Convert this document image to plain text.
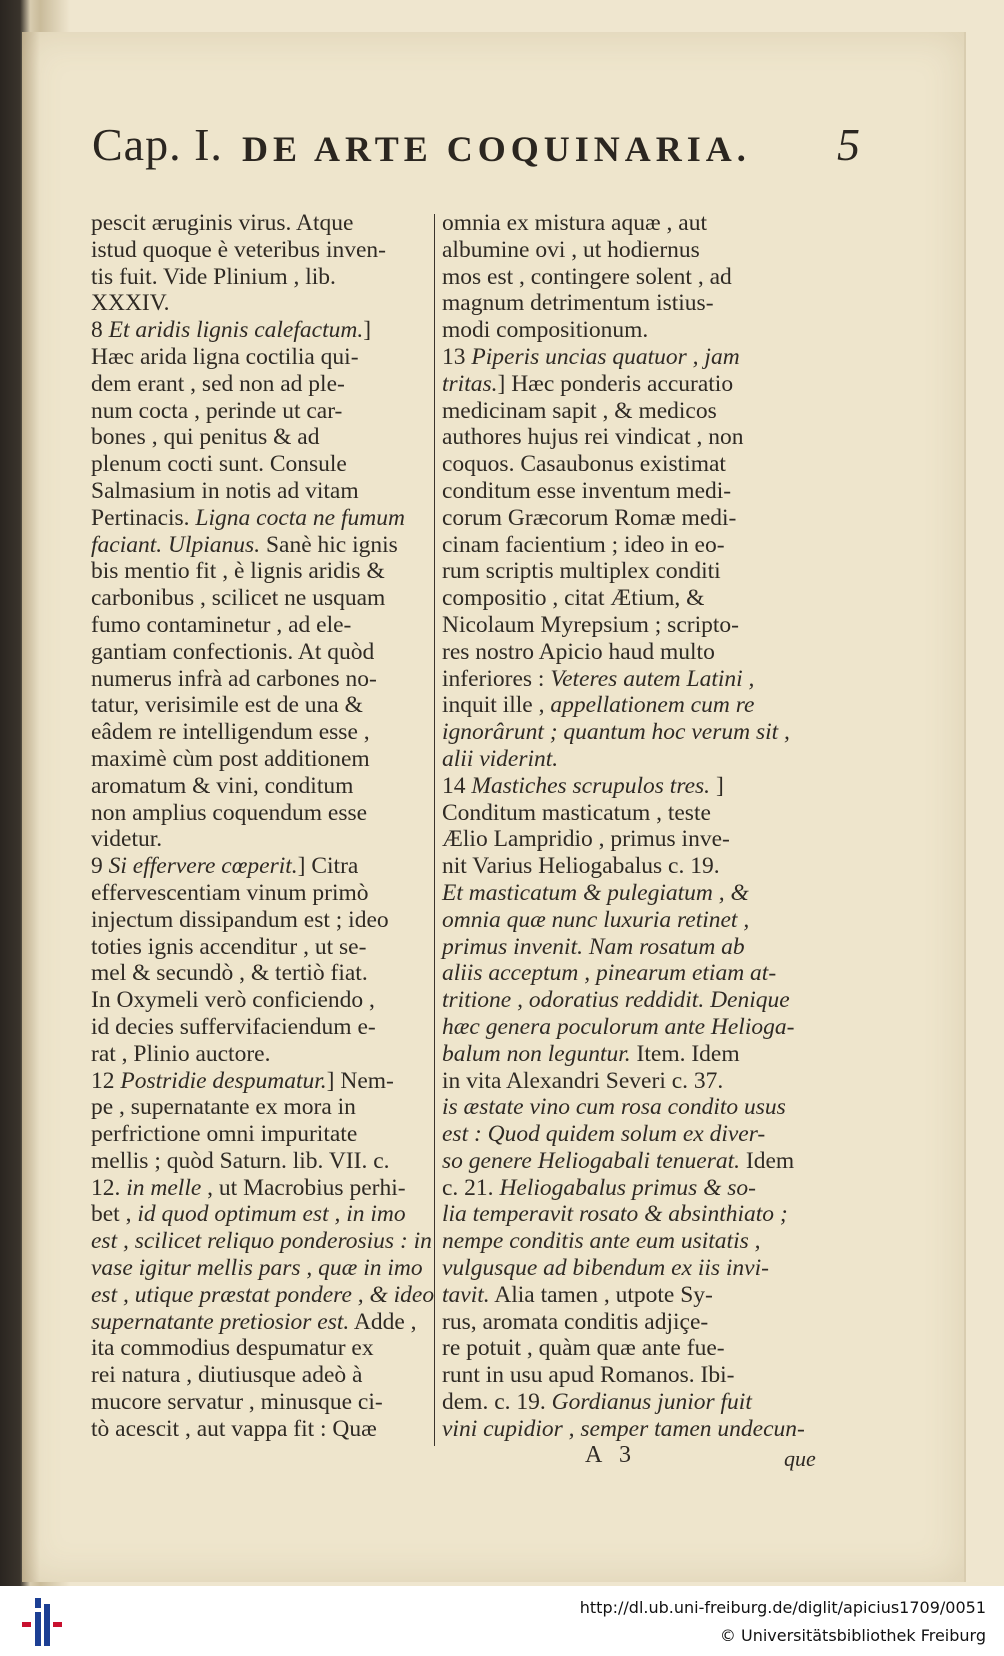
Cap. I. DE ARTE COQUINARIA. 5
pescit æruginis virus. Atque
istud quoque è veteribus inven-
tis fuit. Vide Plinium , lib.
XXXIV.
8 Et aridis lignis calefactum.]
Hæc arida ligna coctilia qui-
dem erant , sed non ad ple-
num cocta , perinde ut car-
bones , qui penitus & ad
plenum cocti sunt. Consule
Salmasium in notis ad vitam
Pertinacis. Ligna cocta ne fumum
faciant. Ulpianus. Sanè hic ignis
bis mentio fit , è lignis aridis &
carbonibus , scilicet ne usquam
fumo contaminetur , ad ele-
gantiam confectionis. At quòd
numerus infrà ad carbones no-
tatur, verisimile est de una &
eâdem re intelligendum esse ,
maximè cùm post additionem
aromatum & vini, conditum
non amplius coquendum esse
videtur.
9 Si effervere cœperit.] Citra
effervescentiam vinum primò
injectum dissipandum est ; ideo
toties ignis accenditur , ut se-
mel & secundò , & tertiò fiat.
In Oxymeli verò conficiendo ,
id decies suffervifaciendum e-
rat , Plinio auctore.
12 Postridie despumatur.] Nem-
pe , supernatante ex mora in
perfrictione omni impuritate
mellis ; quòd Saturn. lib. VII. c.
12. in melle , ut Macrobius perhi-
bet , id quod optimum est , in imo
est , scilicet reliquo ponderosius : in
vase igitur mellis pars , quæ in imo
est , utique præstat pondere , & ideo
supernatante pretiosior est. Adde ,
ita commodius despumatur ex
rei natura , diutiusque adeò à
mucore servatur , minusque ci-
tò acescit , aut vappa fit : Quæ
omnia ex mistura aquæ , aut
albumine ovi , ut hodiernus
mos est , contingere solent , ad
magnum detrimentum istius-
modi compositionum.
13 Piperis uncias quatuor , jam
tritas.] Hæc ponderis accuratio
medicinam sapit , & medicos
authores hujus rei vindicat , non
coquos. Casaubonus existimat
conditum esse inventum medi-
corum Græcorum Romæ medi-
cinam facientium ; ideo in eo-
rum scriptis multiplex conditi
compositio , citat Ætium, &
Nicolaum Myrepsium ; scripto-
res nostro Apicio haud multo
inferiores : Veteres autem Latini ,
inquit ille , appellationem cum re
ignorârunt ; quantum hoc verum sit ,
alii viderint.
14 Mastiches scrupulos tres. ]
Conditum masticatum , teste
Ælio Lampridio , primus inve-
nit Varius Heliogabalus c. 19.
Et masticatum & pulegiatum , &
omnia quæ nunc luxuria retinet ,
primus invenit. Nam rosatum ab
aliis acceptum , pinearum etiam at-
tritione , odoratius reddidit. Denique
hæc genera poculorum ante Helioga-
balum non leguntur. Item. Idem
in vita Alexandri Severi c. 37.
is æstate vino cum rosa condito usus
est : Quod quidem solum ex diver-
so genere Heliogabali tenuerat. Idem
c. 21. Heliogabalus primus & so-
lia temperavit rosato & absinthiato ;
nempe conditis ante eum usitatis ,
vulgusque ad bibendum ex iis invi-
tavit. Alia tamen , utpote Sy-
rus, aromata conditis adjiçe-
re potuit , quàm quæ ante fue-
runt in usu apud Romanos. Ibi-
dem. c. 19. Gordianus junior fuit
vini cupidior , semper tamen undecun-
A 3	que
http://dl.ub.uni-freiburg.de/diglit/apicius1709/0051
© Universitätsbibliothek Freiburg
